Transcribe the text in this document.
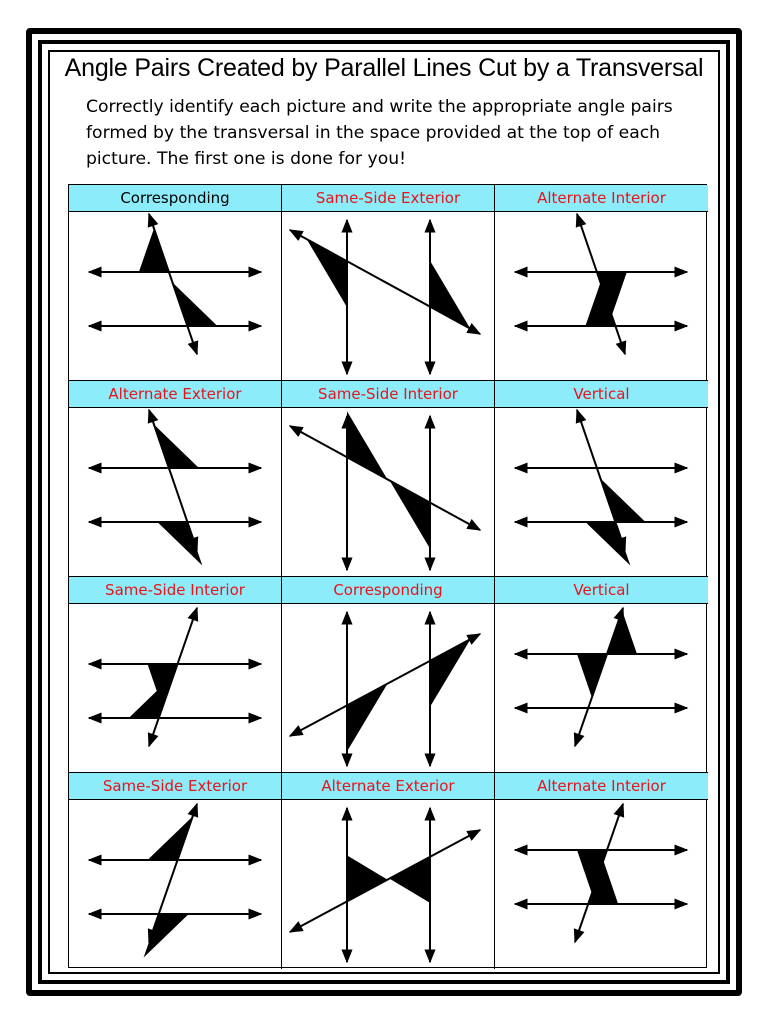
Angle Pairs Created by Parallel Lines Cut by a Transversal

Correctly identify each picture and write the appropriate angle pairs formed by the transversal in the space provided at the top of each picture. The first one is done for you!

Corresponding	Same-Side Exterior	Alternate Interior
Alternate Exterior	Same-Side Interior	Vertical
Same-Side Interior	Corresponding	Vertical
Same-Side Exterior	Alternate Exterior	Alternate Interior
